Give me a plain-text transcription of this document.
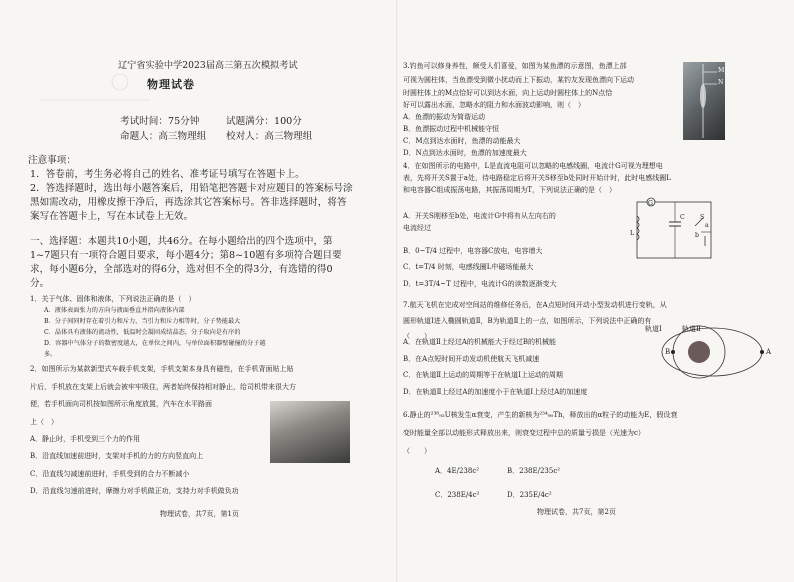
辽宁省实验中学2023届高三第五次模拟考试
物理试卷
考试时间：75分钟	试题满分：100分
命题人：高三物理组 校对人：高三物理组
注意事项：
1．答卷前，考生务必将自己的姓名、准考证号填写在答题卡上。
2．答选择题时，选出每小题答案后，用铅笔把答题卡对应题目的答案标号涂
黑如需改动，用橡皮擦干净后，再选涂其它答案标号。答非选择题时，将答
案写在答题卡上，写在本试卷上无效。
一、选择题：本题共10小题，共46分。在每小题给出的四个选项中，第
1~7题只有一项符合题目要求，每小题4分；第8~10题有多项符合题目要
求，每小题6分，全部选对的得6分，选对但不全的得3分，有选错的得0
分。
1．关于气体、固体和液体，下列说法正确的是（　）
A．液体表面张力的方向与液面垂直并指向液体内部
B．分子间同时存在着引力和斥力，当引力和斥力相等时，分子势能最大
C．晶体具有液体的流动性，低温时会凝固成结晶态，分子取向是有序的
D．容器中气体分子的数密度越大，在单位之间内，与单位面积器壁碰撞的分子越
多。
2．如图所示为某款新型式车载手机支架，手机支架本身具有磁性，在手机背面贴上贴
片后，手机放在支架上后就会被牢牢吸住，两者始终保持相对静止，给司机带来很大方
便，若手机面向司机按如图所示角度放置，汽车在水平路面
上（　）
A．静止时，手机受到三个力的作用
B．沿直线加速前进时，支架对手机的力的方向竖直向上
C．沿直线匀减速前进时，手机受到的合力不断减小
D．沿直线匀速前进时，摩擦力对手机做正功，支持力对手机做负功
物理试卷，共7页，第1页
3.钓鱼可以修身养性，颇受人们喜爱，如图为某鱼漂的示意图，鱼漂上部
可视为圆柱体，当鱼漂受到微小扰动而上下振动，某钓友发现鱼漂向下运动
时圆柱体上的M点恰好可以到达水面，向上运动时圆柱体上的N点恰
好可以露出水面，忽略水的阻力和水面波动影响，则（　）
M
N
A．鱼漂的振动为简谐运动
B．鱼漂振动过程中机械能守恒
C．M点到达水面时，鱼漂的动能最大
D．N点到达水面时，鱼漂的加速度最大
4．在如图所示的电路中，L是直流电阻可以忽略的电感线圈，电流计G可视为理想电
表，先将开关S置于a处，待电路稳定后将开关S移至b处同时开始计时，此时电感线圈L
和电容器C组成振荡电路，其振荡周期为T，下列说法正确的是（　）
A．开关S刚移至b处，电流计G中将有从左向右的
电流经过
G
C
L
S
a
b
B．0~T/4 过程中，电容器C放电，电容增大
C．t=T/4 时刻，电感线圈L中磁场能最大
D．t=3T/4~T 过程中，电流计G的读数逐渐变大
7.航天飞机在完成对空间站的维修任务后，在A点短时间开动小型发动机进行变轨，从
圆形轨道Ⅰ进入椭圆轨道Ⅱ，B为轨道Ⅱ上的一点，如图所示，下列说法中正确的有
（　　）
轨道Ⅰ	轨道Ⅱ
B	A
A．在轨道Ⅱ上经过A的机械能大于经过B的机械能
B．在A点短时间开动发动机使航天飞机减速
C．在轨道Ⅱ上运动的周期等于在轨道Ⅰ上运动的周期
D．在轨道Ⅱ上经过A的加速度小于在轨道Ⅰ上经过A的加速度
6.静止的²³⁸₉₂U核发生α衰变，产生的新核为²³⁴₉₀Th，释放出的α粒子的动能为E，假设衰
变时能量全部以动能形式释放出来，则衰变过程中总的质量亏损是（光速为c）
（　　）
A．4E/238c²	B．238E/235c²
C．238E/4c²	D．235E/4c²
物理试卷，共7页，第2页
